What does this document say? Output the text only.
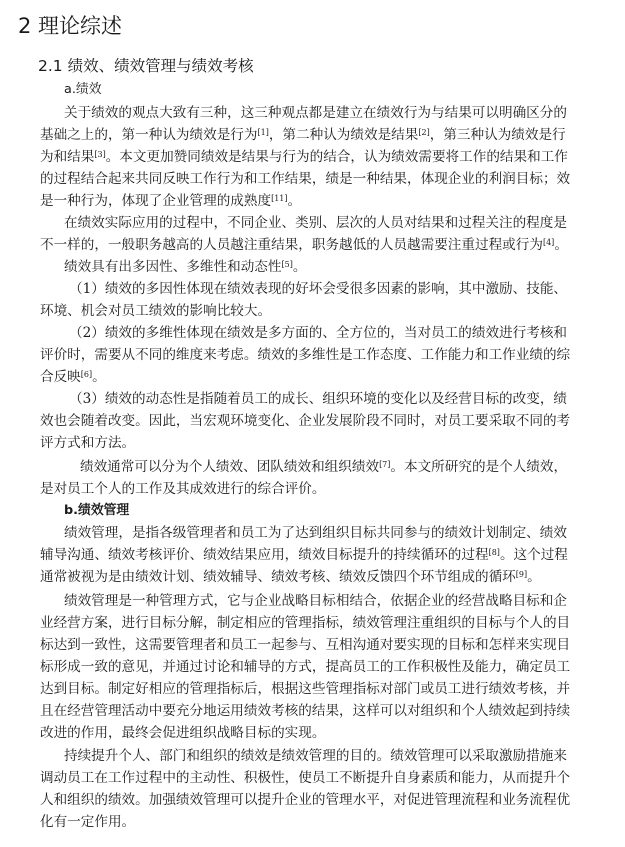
2 理论综述
2.1 绩效、绩效管理与绩效考核
a.绩效
关于绩效的观点大致有三种，这三种观点都是建立在绩效行为与结果可以明确区分的
基础之上的，第一种认为绩效是行为[1]，第二种认为绩效是结果[2]，第三种认为绩效是行
为和结果[3]。本文更加赞同绩效是结果与行为的结合，认为绩效需要将工作的结果和工作
的过程结合起来共同反映工作行为和工作结果，绩是一种结果，体现企业的利润目标；效
是一种行为，体现了企业管理的成熟度[11]。
在绩效实际应用的过程中，不同企业、类别、层次的人员对结果和过程关注的程度是
不一样的，一般职务越高的人员越注重结果，职务越低的人员越需要注重过程或行为[4]。
绩效具有出多因性、多维性和动态性[5]。
（1）绩效的多因性体现在绩效表现的好坏会受很多因素的影响，其中激励、技能、
环境、机会对员工绩效的影响比较大。
（2）绩效的多维性体现在绩效是多方面的、全方位的，当对员工的绩效进行考核和
评价时，需要从不同的维度来考虑。绩效的多维性是工作态度、工作能力和工作业绩的综
合反映[6]。
（3）绩效的动态性是指随着员工的成长、组织环境的变化以及经营目标的改变，绩
效也会随着改变。因此，当宏观环境变化、企业发展阶段不同时，对员工要采取不同的考
评方式和方法。
绩效通常可以分为个人绩效、团队绩效和组织绩效[7]。本文所研究的是个人绩效，
是对员工个人的工作及其成效进行的综合评价。
b.绩效管理
绩效管理，是指各级管理者和员工为了达到组织目标共同参与的绩效计划制定、绩效
辅导沟通、绩效考核评价、绩效结果应用，绩效目标提升的持续循环的过程[8]。这个过程
通常被视为是由绩效计划、绩效辅导、绩效考核、绩效反馈四个环节组成的循环[9]。
绩效管理是一种管理方式，它与企业战略目标相结合，依据企业的经营战略目标和企
业经营方案，进行目标分解，制定相应的管理指标，绩效管理注重组织的目标与个人的目
标达到一致性，这需要管理者和员工一起参与、互相沟通对要实现的目标和怎样来实现目
标形成一致的意见，并通过讨论和辅导的方式，提高员工的工作积极性及能力，确定员工
达到目标。制定好相应的管理指标后，根据这些管理指标对部门或员工进行绩效考核，并
且在经营管理活动中要充分地运用绩效考核的结果，这样可以对组织和个人绩效起到持续
改进的作用，最终会促进组织战略目标的实现。
持续提升个人、部门和组织的绩效是绩效管理的目的。绩效管理可以采取激励措施来
调动员工在工作过程中的主动性、积极性，使员工不断提升自身素质和能力，从而提升个
人和组织的绩效。加强绩效管理可以提升企业的管理水平，对促进管理流程和业务流程优
化有一定作用。
